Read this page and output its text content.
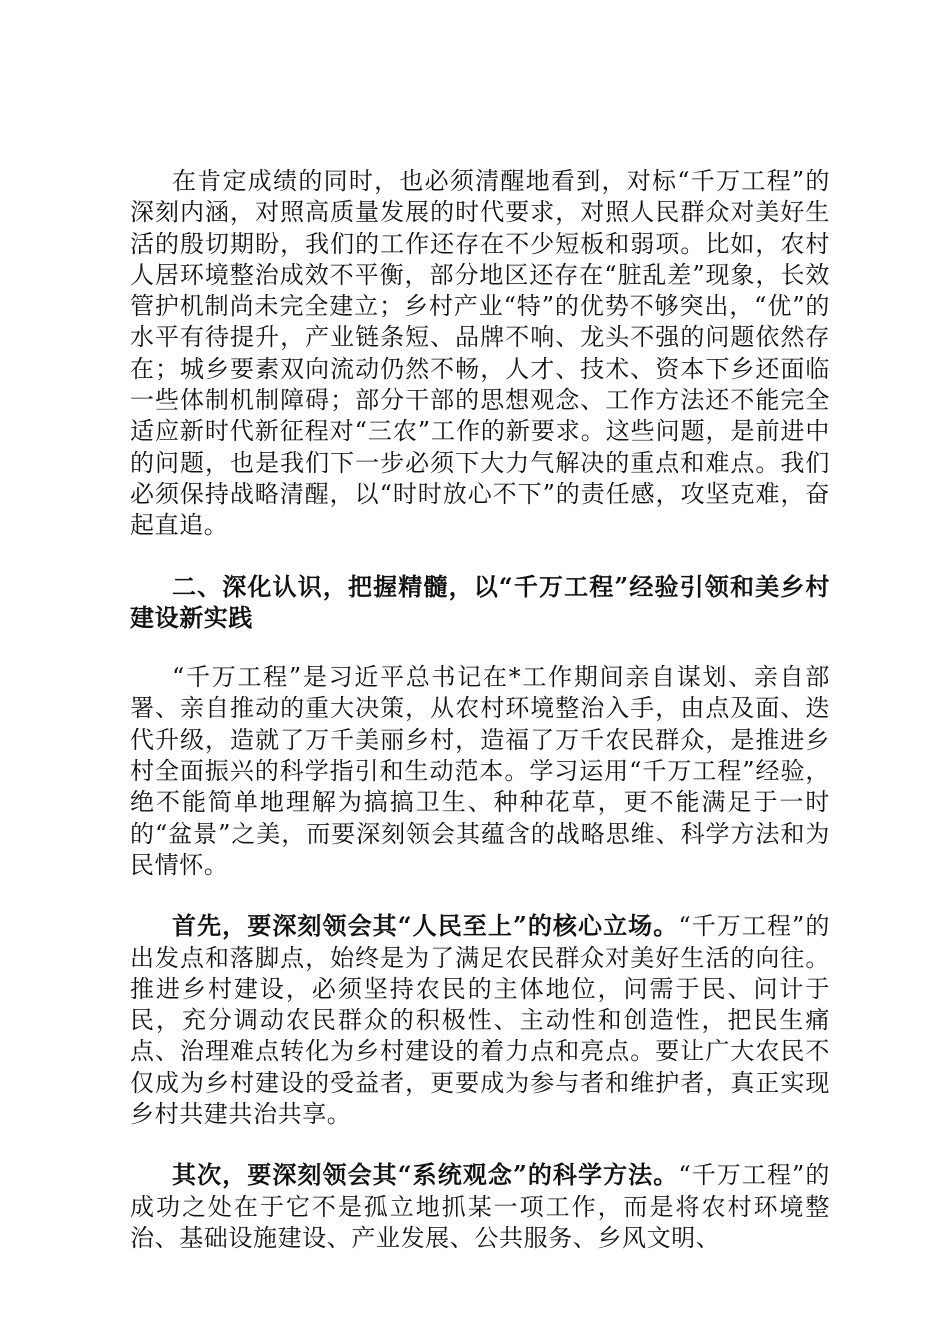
在肯定成绩的同时，也必须清醒地看到，对标“千万工程”的深刻内涵，对照高质量发展的时代要求，对照人民群众对美好生活的殷切期盼，我们的工作还存在不少短板和弱项。比如，农村人居环境整治成效不平衡，部分地区还存在“脏乱差”现象，长效管护机制尚未完全建立；乡村产业“特”的优势不够突出，“优”的水平有待提升，产业链条短、品牌不响、龙头不强的问题依然存在；城乡要素双向流动仍然不畅，人才、技术、资本下乡还面临一些体制机制障碍；部分干部的思想观念、工作方法还不能完全适应新时代新征程对“三农”工作的新要求。这些问题，是前进中的问题，也是我们下一步必须下大力气解决的重点和难点。我们必须保持战略清醒，以“时时放心不下”的责任感，攻坚克难，奋起直追。

二、深化认识，把握精髓，以“千万工程”经验引领和美乡村建设新实践

“千万工程”是习近平总书记在*工作期间亲自谋划、亲自部署、亲自推动的重大决策，从农村环境整治入手，由点及面、迭代升级，造就了万千美丽乡村，造福了万千农民群众，是推进乡村全面振兴的科学指引和生动范本。学习运用“千万工程”经验，绝不能简单地理解为搞搞卫生、种种花草，更不能满足于一时的“盆景”之美，而要深刻领会其蕴含的战略思维、科学方法和为民情怀。

首先，要深刻领会其“人民至上”的核心立场。“千万工程”的出发点和落脚点，始终是为了满足农民群众对美好生活的向往。推进乡村建设，必须坚持农民的主体地位，问需于民、问计于民，充分调动农民群众的积极性、主动性和创造性，把民生痛点、治理难点转化为乡村建设的着力点和亮点。要让广大农民不仅成为乡村建设的受益者，更要成为参与者和维护者，真正实现乡村共建共治共享。

其次，要深刻领会其“系统观念”的科学方法。“千万工程”的成功之处在于它不是孤立地抓某一项工作，而是将农村环境整治、基础设施建设、产业发展、公共服务、乡风文明、
